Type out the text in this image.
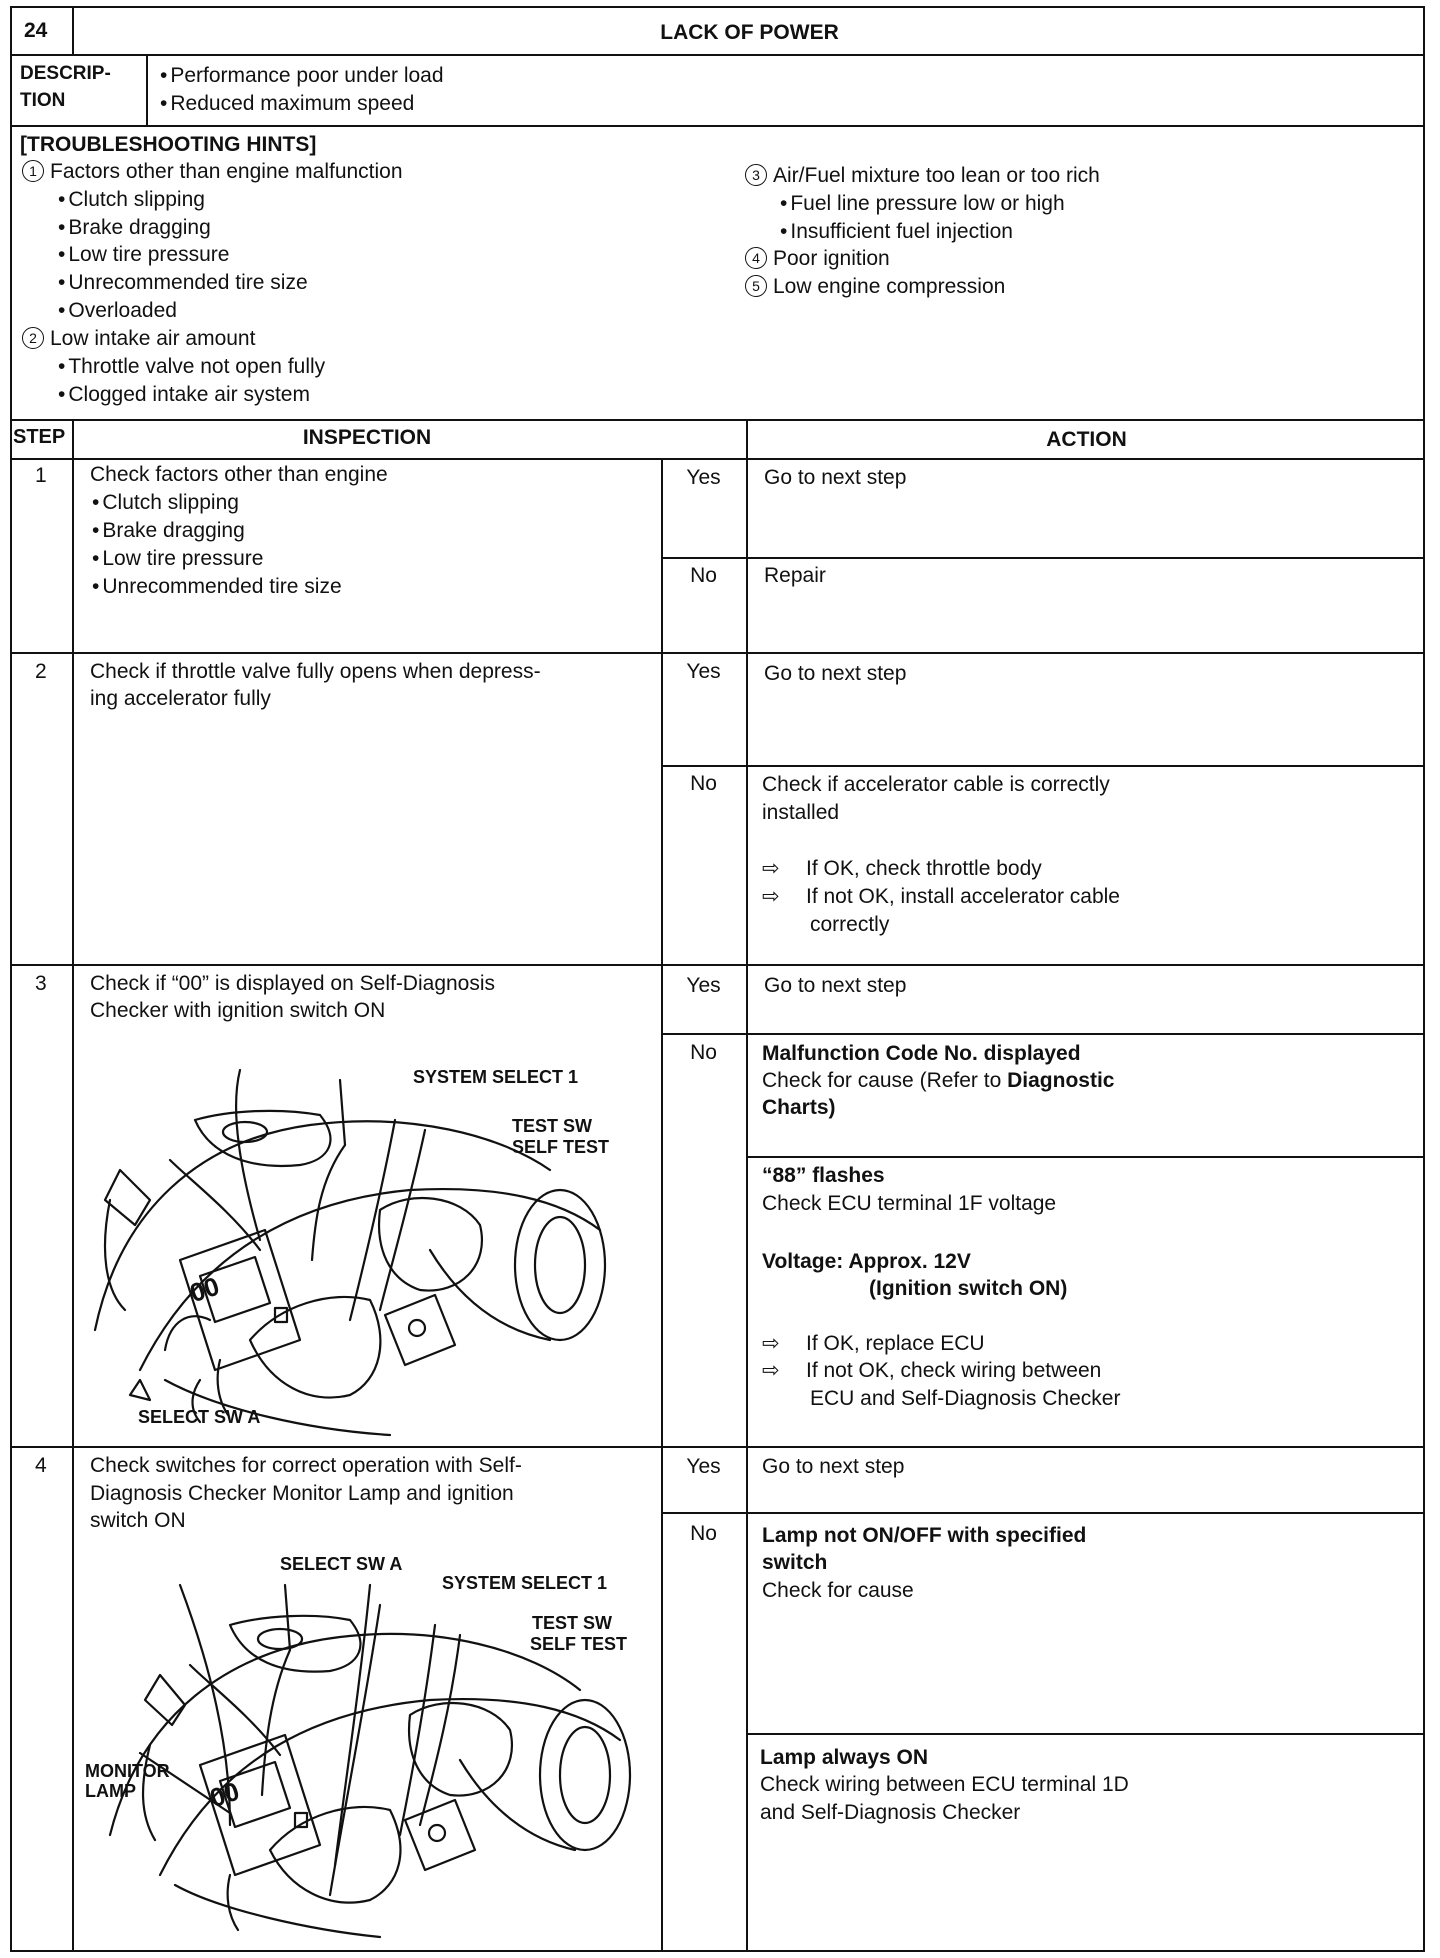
24	LACK OF POWER
DESCRIP-
TION
• Performance poor under load
• Reduced maximum speed
[TROUBLESHOOTING HINTS]
1 Factors other than engine malfunction
• Clutch slipping
• Brake dragging
• Low tire pressure
• Unrecommended tire size
• Overloaded
2 Low intake air amount
• Throttle valve not open fully
• Clogged intake air system
3 Air/Fuel mixture too lean or too rich
• Fuel line pressure low or high
• Insufficient fuel injection
4 Poor ignition
5 Low engine compression
STEP	INSPECTION	ACTION
1 Check factors other than engine
• Clutch slipping
• Brake dragging
• Low tire pressure
• Unrecommended tire size
Yes	Go to next step
No	Repair
2 Check if throttle valve fully opens when depress-
ing accelerator fully
Yes	Go to next step
No	Check if accelerator cable is correctly
installed
⇨ If OK, check throttle body
⇨ If not OK, install accelerator cable
correctly
3 Check if “00” is displayed on Self-Diagnosis
Checker with ignition switch ON
Yes	Go to next step
No	Malfunction Code No. displayed
Check for cause (Refer to Diagnostic
Charts)
“88” flashes
Check ECU terminal 1F voltage
Voltage: Approx. 12V
(Ignition switch ON)
⇨ If OK, replace ECU
⇨ If not OK, check wiring between
ECU and Self-Diagnosis Checker
00
SYSTEM SELECT 1
TEST SW
SELF TEST
SELECT SW A
4 Check switches for correct operation with Self-
Diagnosis Checker Monitor Lamp and ignition
switch ON
Yes	Go to next step
No	Lamp not ON/OFF with specified
switch
Check for cause
Lamp always ON
Check wiring between ECU terminal 1D
and Self-Diagnosis Checker
00
SELECT SW A
SYSTEM SELECT 1
TEST SW
SELF TEST
MONITOR
LAMP
